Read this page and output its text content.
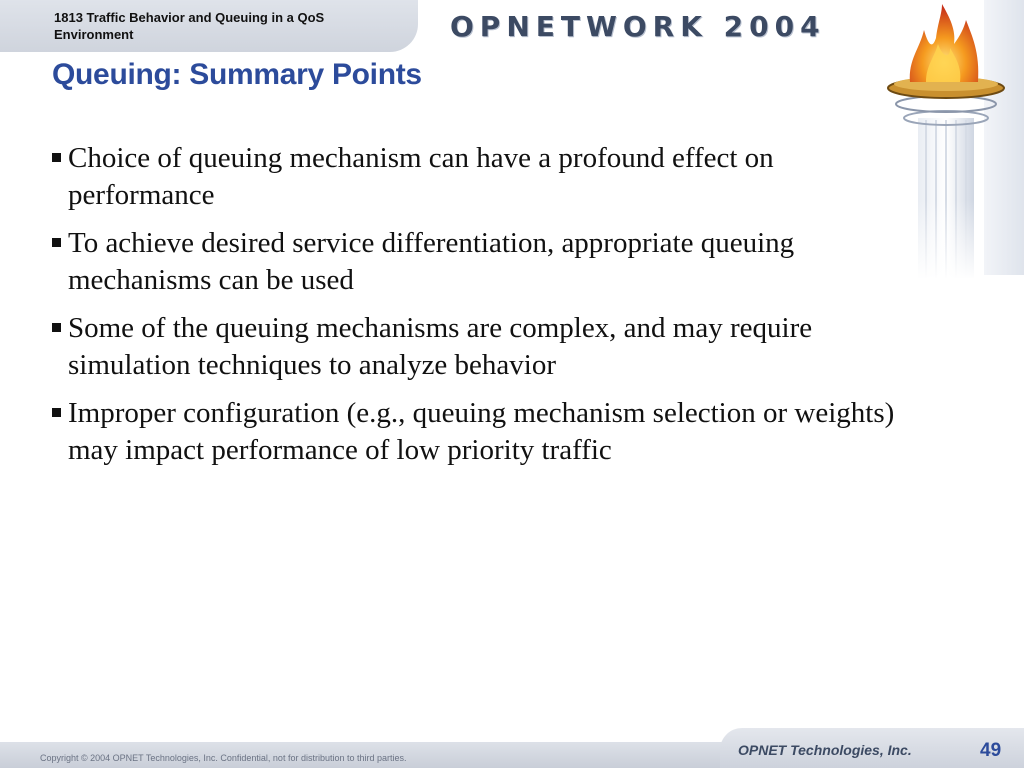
1813 Traffic Behavior and Queuing in a QoS Environment	OPNETWORK 2004
Queuing: Summary Points
Choice of queuing mechanism can have a profound effect on performance
To achieve desired service differentiation, appropriate queuing mechanisms can be used
Some of the queuing mechanisms are complex, and may require simulation techniques to analyze behavior
Improper configuration (e.g., queuing mechanism selection or weights) may impact performance of low priority traffic
Copyright © 2004 OPNET Technologies, Inc. Confidential, not for distribution to third parties.	OPNET Technologies, Inc.	49
